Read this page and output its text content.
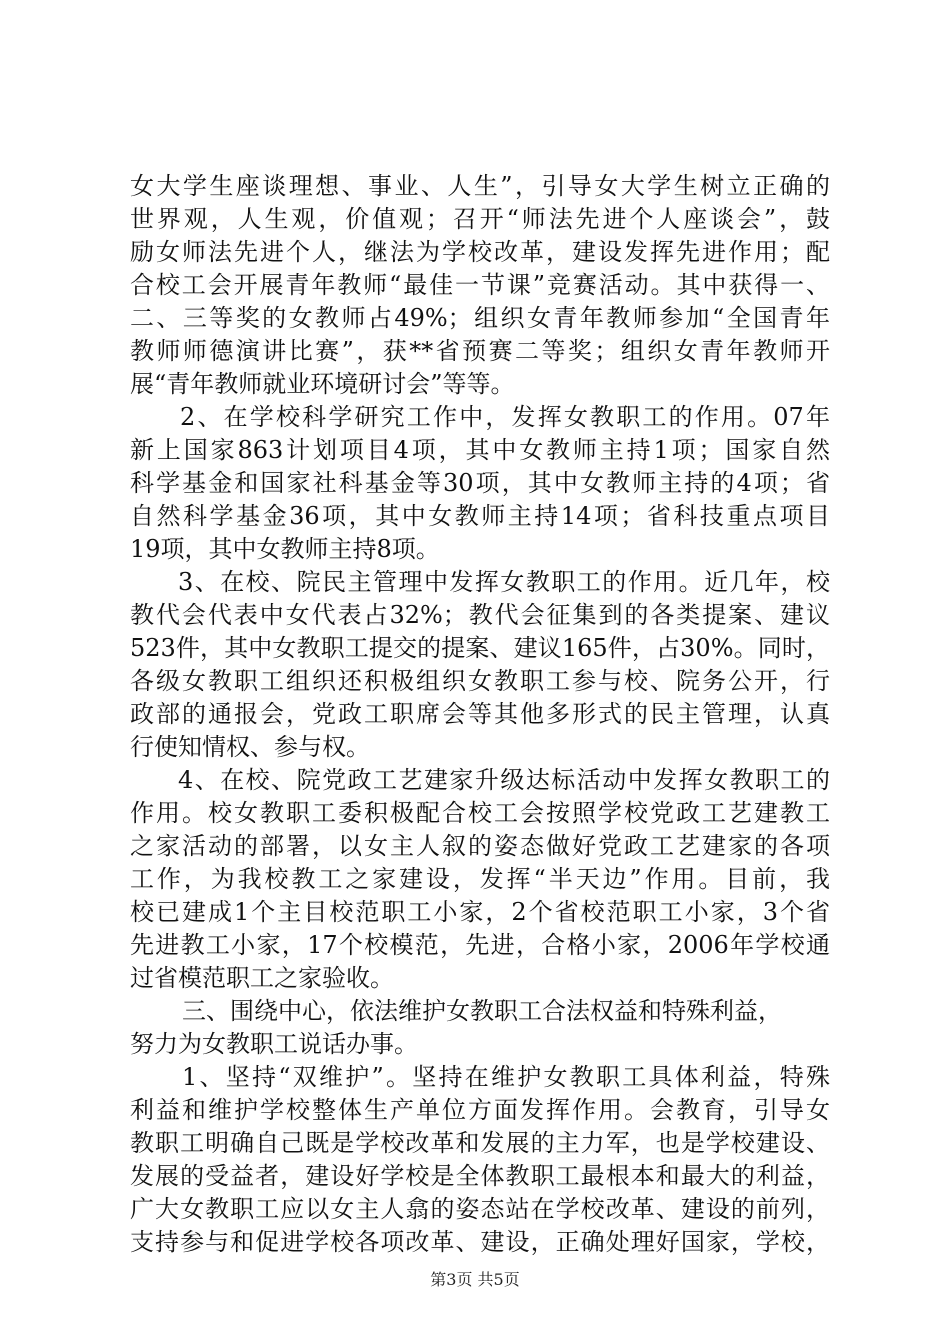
女大学生座谈理想、事业、人生”，引导女大学生树立正确的
世界观，人生观，价值观；召开“师法先进个人座谈会”，鼓
励女师法先进个人，继法为学校改革，建设发挥先进作用；配
合校工会开展青年教师“最佳一节课”竞赛活动。其中获得一、
二、三等奖的女教师占49%；组织女青年教师参加“全国青年
教师师德演讲比赛”，获**省预赛二等奖；组织女青年教师开
展“青年教师就业环境研讨会”等等。
2、在学校科学研究工作中，发挥女教职工的作用。07年
新上国家863计划项目4项，其中女教师主持1项；国家自然
科学基金和国家社科基金等30项，其中女教师主持的4项；省
自然科学基金36项，其中女教师主持14项；省科技重点项目
19项，其中女教师主持8项。
3、在校、院民主管理中发挥女教职工的作用。近几年，校
教代会代表中女代表占32%；教代会征集到的各类提案、建议
523件，其中女教职工提交的提案、建议165件，占30%。同时，
各级女教职工组织还积极组织女教职工参与校、院务公开，行
政部的通报会，党政工职席会等其他多形式的民主管理，认真
行使知情权、参与权。
4、在校、院党政工艺建家升级达标活动中发挥女教职工的
作用。校女教职工委积极配合校工会按照学校党政工艺建教工
之家活动的部署，以女主人叙的姿态做好党政工艺建家的各项
工作，为我校教工之家建设，发挥“半天边”作用。目前，我
校已建成1个主目校范职工小家，2个省校范职工小家，3个省
先进教工小家，17个校模范，先进，合格小家，2006年学校通
过省模范职工之家验收。
三、围绕中心，依法维护女教职工合法权益和特殊利益，
努力为女教职工说话办事。
1、坚持“双维护”。坚持在维护女教职工具体利益，特殊
利益和维护学校整体生产单位方面发挥作用。会教育，引导女
教职工明确自己既是学校改革和发展的主力军，也是学校建设、
发展的受益者，建设好学校是全体教职工最根本和最大的利益，
广大女教职工应以女主人翕的姿态站在学校改革、建设的前列，
支持参与和促进学校各项改革、建设，正确处理好国家，学校，
第3页 共5页
